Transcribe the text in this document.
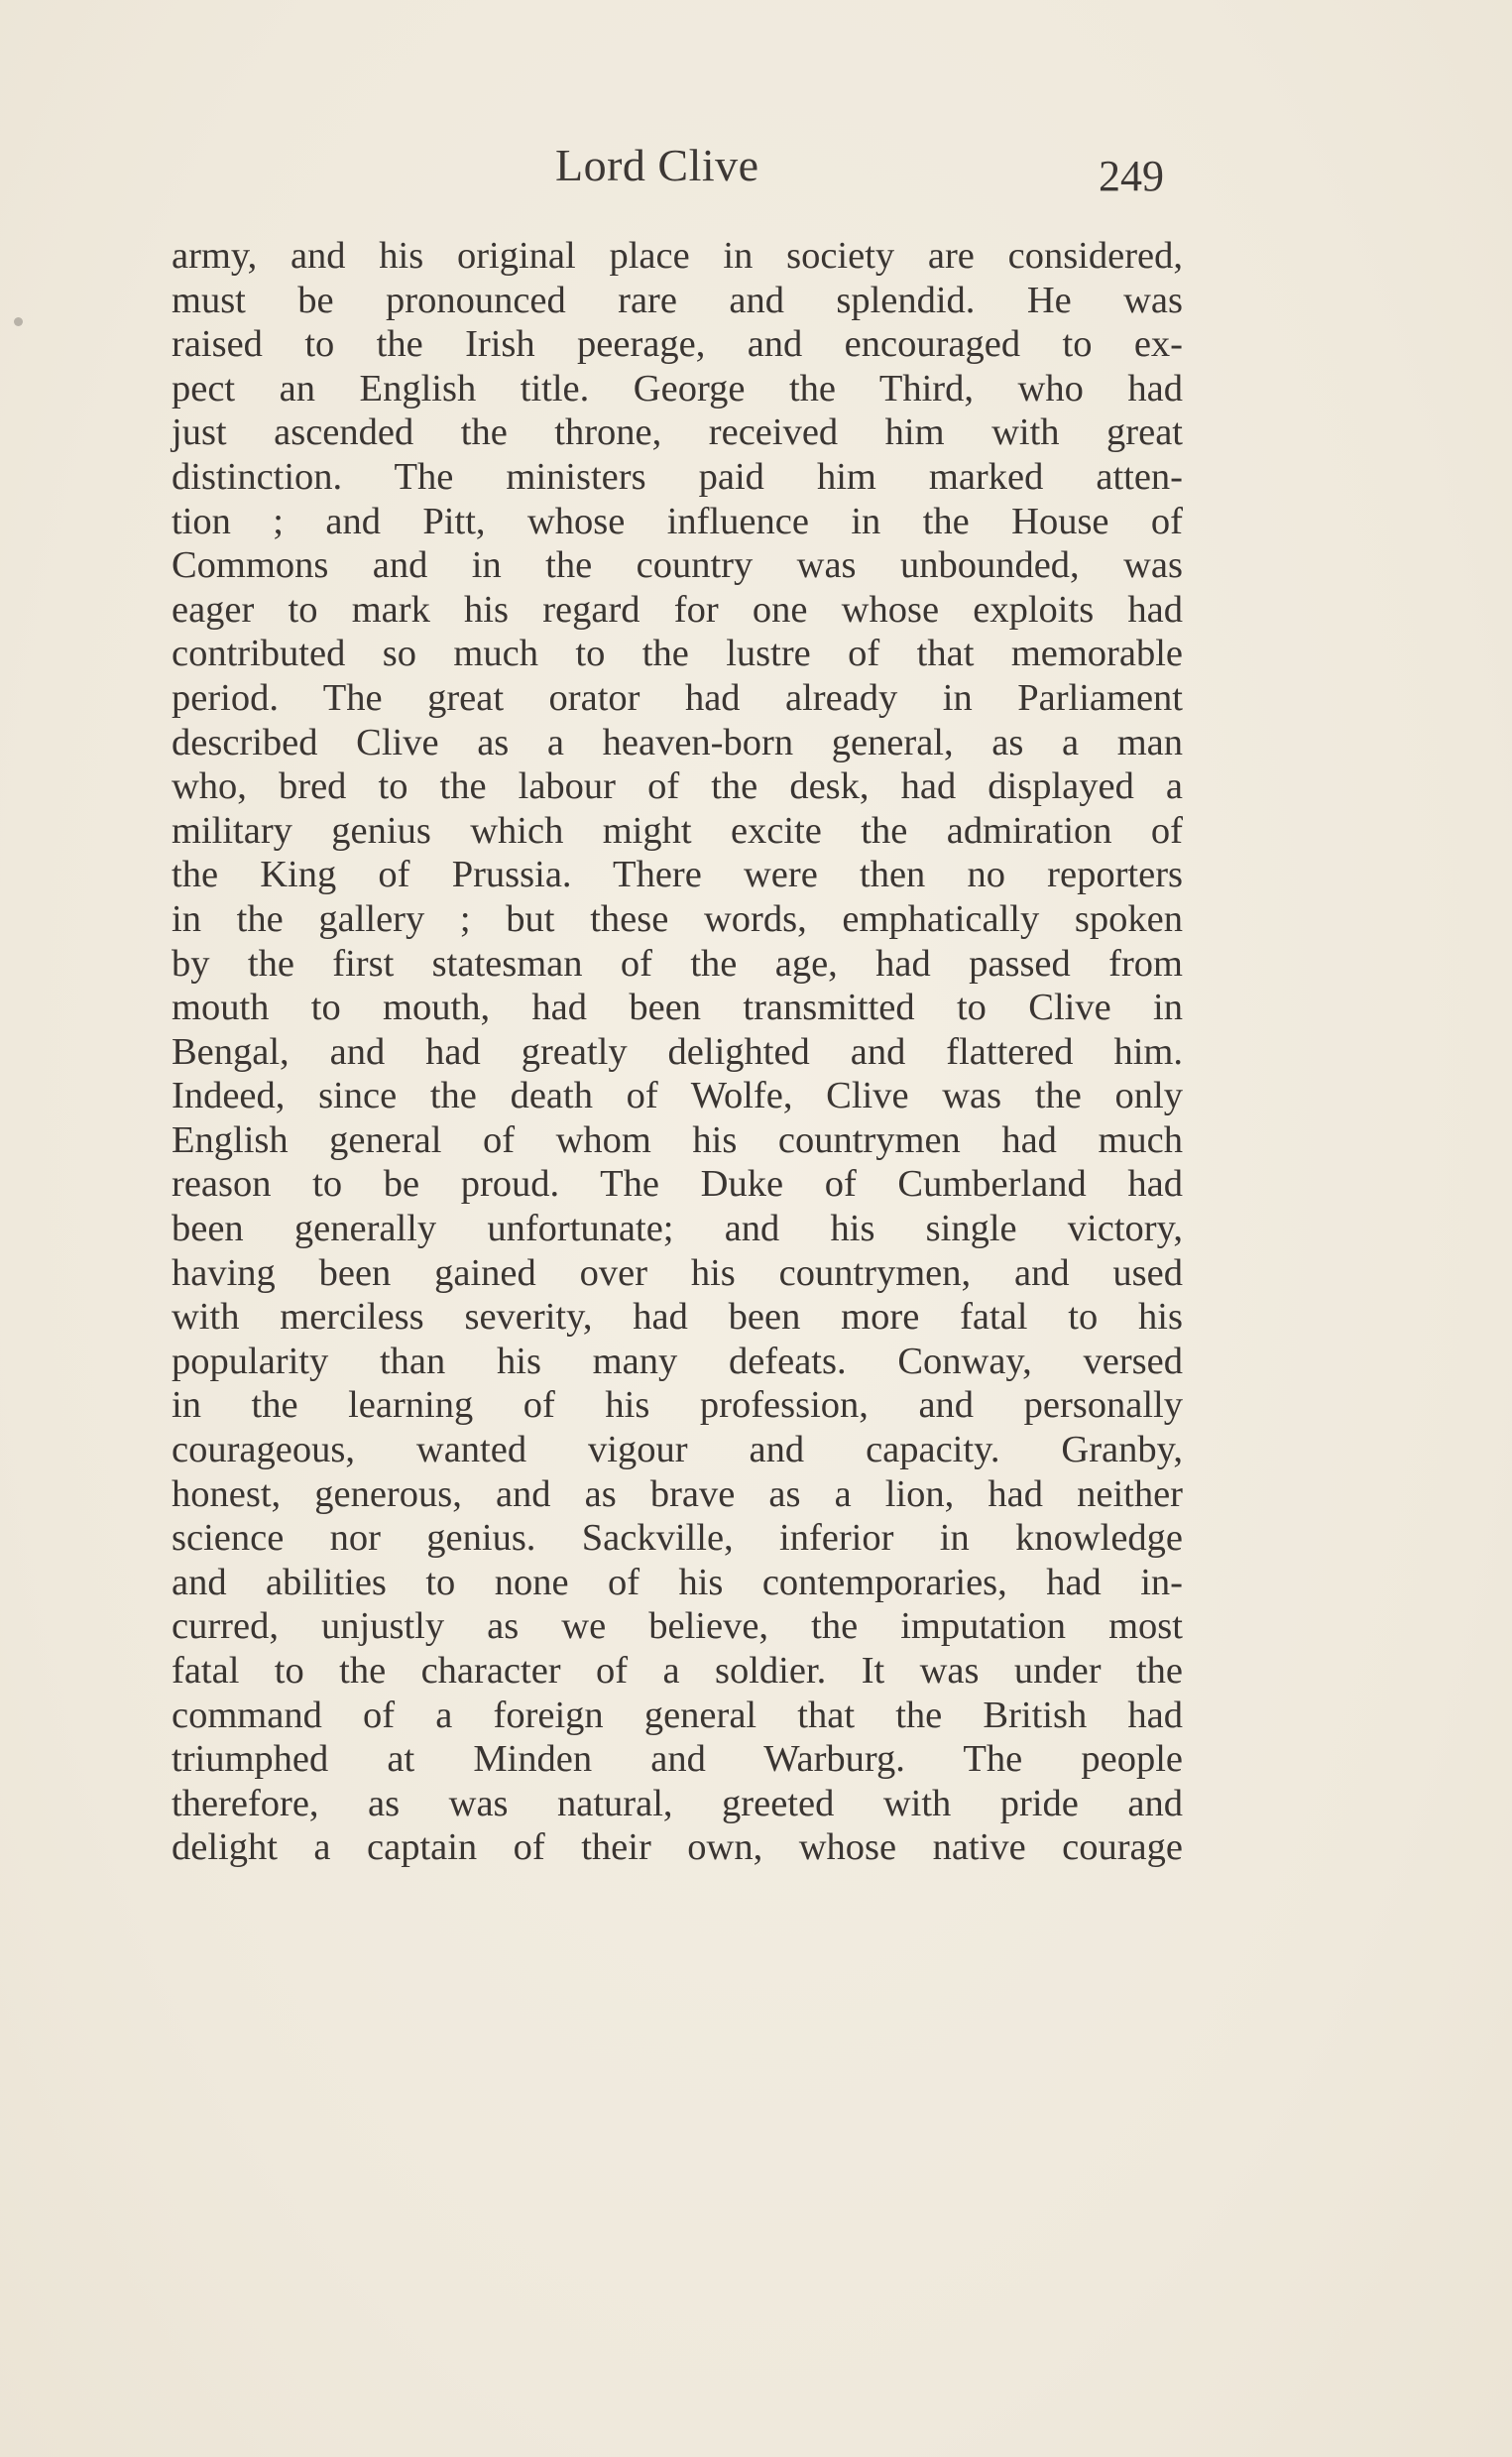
Lord Clive	249
army, and his original place in society are considered,
must be pronounced rare and splendid. He was
raised to the Irish peerage, and encouraged to ex-
pect an English title. George the Third, who had
just ascended the throne, received him with great
distinction. The ministers paid him marked atten-
tion ; and Pitt, whose influence in the House of
Commons and in the country was unbounded, was
eager to mark his regard for one whose exploits had
contributed so much to the lustre of that memorable
period. The great orator had already in Parliament
described Clive as a heaven-born general, as a man
who, bred to the labour of the desk, had displayed a
military genius which might excite the admiration of
the King of Prussia. There were then no reporters
in the gallery ; but these words, emphatically spoken
by the first statesman of the age, had passed from
mouth to mouth, had been transmitted to Clive in
Bengal, and had greatly delighted and flattered him.
Indeed, since the death of Wolfe, Clive was the only
English general of whom his countrymen had much
reason to be proud. The Duke of Cumberland had
been generally unfortunate; and his single victory,
having been gained over his countrymen, and used
with merciless severity, had been more fatal to his
popularity than his many defeats. Conway, versed
in the learning of his profession, and personally
courageous, wanted vigour and capacity. Granby,
honest, generous, and as brave as a lion, had neither
science nor genius. Sackville, inferior in knowledge
and abilities to none of his contemporaries, had in-
curred, unjustly as we believe, the imputation most
fatal to the character of a soldier. It was under the
command of a foreign general that the British had
triumphed at Minden and Warburg. The people
therefore, as was natural, greeted with pride and
delight a captain of their own, whose native courage
